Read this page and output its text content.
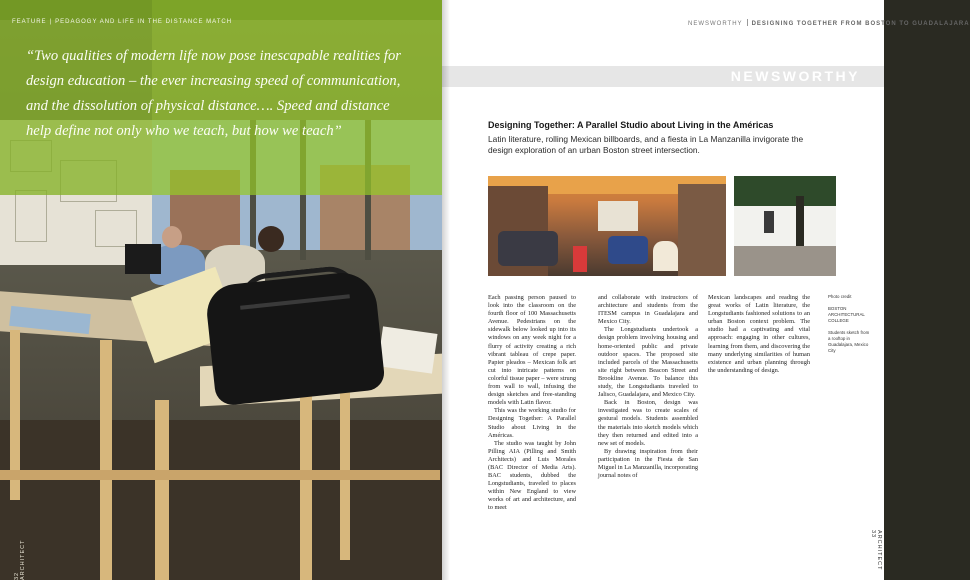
FEATURE | PEDAGOGY AND LIFE IN THE DISTANCE MATCH
“Two qualities of modern life now pose inescapable realities for design education – the ever increasing speed of communication, and the dissolution of physical distance…. Speed and distance help define not only who we teach, but how we teach”
32 ARCHITECT
NEWSWORTHY DESIGNING TOGETHER FROM BOSTON TO GUADALAJARA
NEWSWORTHY
Designing Together: A Parallel Studio about Living in the Américas
Latin literature, rolling Mexican billboards, and a fiesta in La Manzanilla invigorate the design exploration of an urban Boston street intersection.

Each passing person paused to look into the classroom on the fourth floor of 100 Massachusetts Avenue. Pedestrians on the sidewalk below looked up into its windows on any week night for a flurry of activity creating a rich vibrant tableau of crepe paper. Papier pleados – Mexican folk art cut into intricate patterns on colorful tissue paper – were strung from wall to wall, infusing the design sketches and free-standing models with Latin flavor.

This was the working studio for Designing Together: A Parallel Studio about Living in the Américas.

The studio was taught by John Pilling AIA (Pilling and Smith Architects) and Luis Morales (BAC Director of Media Arts). BAC students, dubbed the Longstudiants, traveled to places within New England to view works of art and architecture, and to meet

and collaborate with instructors of architecture and students from the ITESM campus in Guadalajara and Mexico City.

The Longstudiants undertook a design problem involving housing and home-oriented public and private outdoor spaces. The proposed site included parcels of the Massachusetts site right between Beacon Street and Brookline Avenue. To balance this study, the Longstudiants traveled to Jalisco, Guadalajara, and Mexico City.

Back in Boston, design was investigated was to create scales of gestural models. Students assembled the materials into sketch models which they then returned and edited into a new set of models.

By drawing inspiration from their participation in the Fiesta de San Miguel in La Manzanilla, incorporating journal notes of

Mexican landscapes and reading the great works of Latin literature, the Longstudiants fashioned solutions to an urban Boston context problem. The studio had a captivating and vital approach: engaging in other cultures, learning from them, and discovering the many underlying similarities of human existence and urban planning through the understanding of design.

Photo credit
BOSTON ARCHITECTURAL COLLEGE
Students sketch from a rooftop in Guadalajara, Mexico City
ARCHITECT 33
